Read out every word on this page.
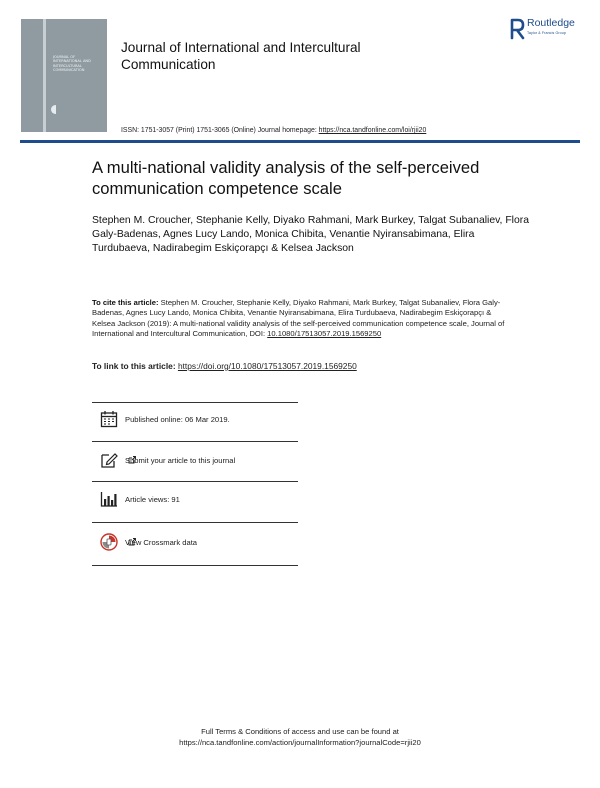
JOURNAL OF
INTERNATIONAL AND
INTERCULTURAL
COMMUNICATION
Journal of International and Intercultural
Communication
Routledge
Taylor & Francis Group
ISSN: 1751-3057 (Print) 1751-3065 (Online) Journal homepage: https://nca.tandfonline.com/loi/rjii20
A multi-national validity analysis of the self-perceived communication competence scale
Stephen M. Croucher, Stephanie Kelly, Diyako Rahmani, Mark Burkey, Talgat Subanaliev, Flora Galy-Badenas, Agnes Lucy Lando, Monica Chibita, Venantie Nyiransabimana, Elira Turdubaeva, Nadirabegim Eskiçorapçı & Kelsea Jackson
To cite this article: Stephen M. Croucher, Stephanie Kelly, Diyako Rahmani, Mark Burkey, Talgat Subanaliev, Flora Galy-Badenas, Agnes Lucy Lando, Monica Chibita, Venantie Nyiransabimana, Elira Turdubaeva, Nadirabegim Eskiçorapçı & Kelsea Jackson (2019): A multi-national validity analysis of the self-perceived communication competence scale, Journal of International and Intercultural Communication, DOI: 10.1080/17513057.2019.1569250
To link to this article: https://doi.org/10.1080/17513057.2019.1569250
Published online: 06 Mar 2019.
Submit your article to this journal
Article views: 91
View Crossmark data
Full Terms & Conditions of access and use can be found at
https://nca.tandfonline.com/action/journalInformation?journalCode=rjii20
